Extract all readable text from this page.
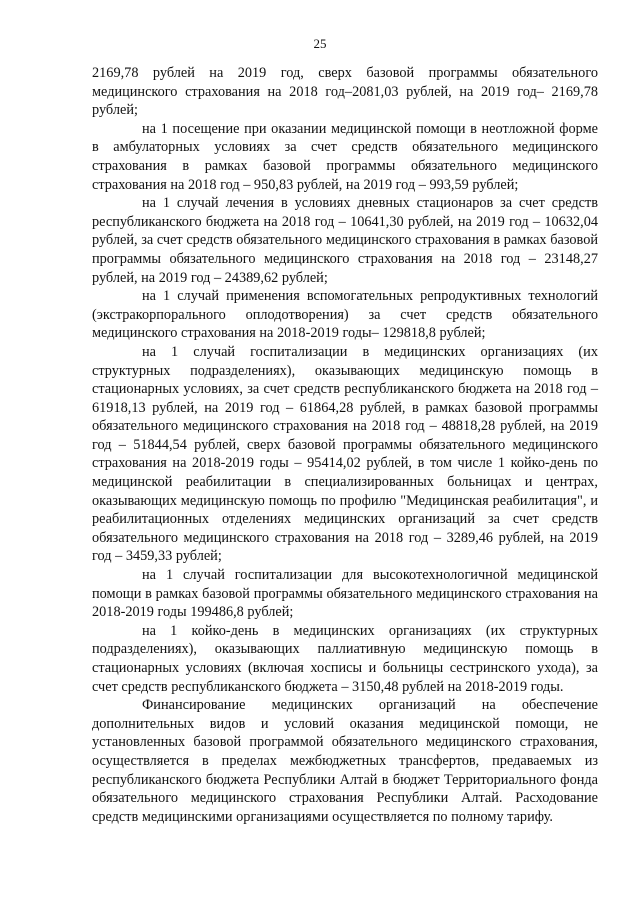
25

2169,78 рублей на 2019 год, сверх базовой программы обязательного медицинского страхования на 2018 год–2081,03 рублей, на 2019 год– 2169,78 рублей;

на 1 посещение при оказании медицинской помощи в неотложной форме в амбулаторных условиях за счет средств обязательного медицинского страхования в рамках базовой программы обязательного медицинского страхования на 2018 год – 950,83 рублей, на 2019 год – 993,59 рублей;

на 1 случай лечения в условиях дневных стационаров за счет средств республиканского бюджета на 2018 год – 10641,30 рублей, на 2019 год – 10632,04 рублей, за счет средств обязательного медицинского страхования в рамках базовой программы обязательного медицинского страхования на 2018 год – 23148,27 рублей, на 2019 год – 24389,62 рублей;

на 1 случай применения вспомогательных репродуктивных технологий (экстракорпорального оплодотворения) за счет средств обязательного медицинского страхования на 2018-2019 годы– 129818,8 рублей;

на 1 случай госпитализации в медицинских организациях (их структурных подразделениях), оказывающих медицинскую помощь в стационарных условиях, за счет средств республиканского бюджета на 2018 год – 61918,13 рублей, на 2019 год – 61864,28 рублей, в рамках базовой программы обязательного медицинского страхования на 2018 год – 48818,28 рублей, на 2019 год – 51844,54 рублей, сверх базовой программы обязательного медицинского страхования на 2018-2019 годы – 95414,02 рублей, в том числе 1 койко-день по медицинской реабилитации в специализированных больницах и центрах, оказывающих медицинскую помощь по профилю "Медицинская реабилитация", и реабилитационных отделениях медицинских организаций за счет средств обязательного медицинского страхования на 2018 год – 3289,46 рублей, на 2019 год – 3459,33 рублей;

на 1 случай госпитализации для высокотехнологичной медицинской помощи в рамках базовой программы обязательного медицинского страхования на 2018-2019 годы 199486,8 рублей;

на 1 койко-день в медицинских организациях (их структурных подразделениях), оказывающих паллиативную медицинскую помощь в стационарных условиях (включая хосписы и больницы сестринского ухода), за счет средств республиканского бюджета – 3150,48 рублей на 2018-2019 годы.

Финансирование медицинских организаций на обеспечение дополнительных видов и условий оказания медицинской помощи, не установленных базовой программой обязательного медицинского страхования, осуществляется в пределах межбюджетных трансфертов, предаваемых из республиканского бюджета Республики Алтай в бюджет Территориального фонда обязательного медицинского страхования Республики Алтай. Расходование средств медицинскими организациями осуществляется по полному тарифу.
